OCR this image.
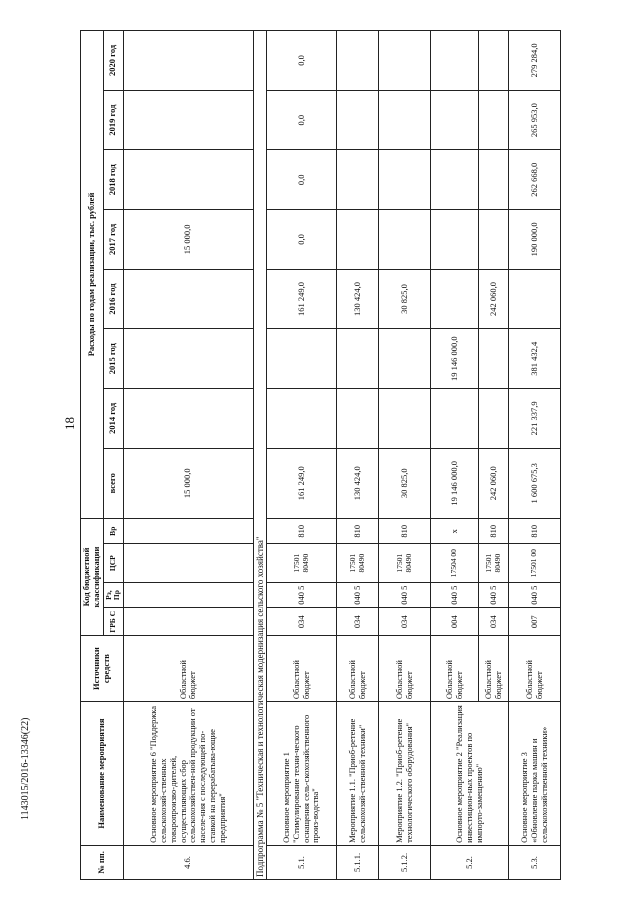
18
1143015/2016-13346(22)
№ пп.	Наименование мероприятия	Источники средств	Код бюджетной классификации				Расходы по годам реализации, тыс. рублей							
			ГРБ С	Рз, Пр	ЦСР	Вр	всего	2014 год	2015 год	2016 год	2017 год	2018 год	2019 год	2020 год
4.6.	Основное мероприятие 6 "Поддержка сельскохозяй-ственных товаропроизво-дителей, осуществляющих сбор сельскохозяйствен-ной продукции от населе-ния с последующей по-ставкой на перерабатыва-ющие предприятия"	Областной бюджет					15 000,0				15 000,0			
Подпрограмма № 5 "Техническая и технологическая модернизация сельского хозяйства"														
5.1.	Основное мероприятие 1 "Стимулирование техни-ческого оснащения сель-скохозяйственного произ-водства"	Областной бюджет	034	040 5	17501 80490	810	161 249,0			161 249,0	0,0	0,0	0,0	0,0
5.1.1.	Мероприятие 1.1. "Приоб-ретение сельскохозяй-ственной техники"	Областной бюджет	034	040 5	17501 80490	810	130 424,0			130 424,0				
5.1.2.	Мероприятие 1.2. "Приоб-ретение технологического оборудования"	Областной бюджет	034	040 5	17501 80490	810	30 825,0			30 825,0				
5.2.	Основное мероприятие 2 "Реализация инвестицион-ных проектов по импорто-замещению"	Областной бюджет	004	040 5	17504 00	х	19 146 000,0		19 146 000,0					
		Областной бюджет	034	040 5	17501 80490	810	242 060,0			242 060,0				
5.3.	Основное мероприятие 3 «Обновление парка машин и сельскохозяйственной техники»	Областной бюджет	007	040 5	17501 00	810	1 600 675,3	221 337,9	381 432,4		190 000,0	262 668,0	265 953,0	279 284,0
